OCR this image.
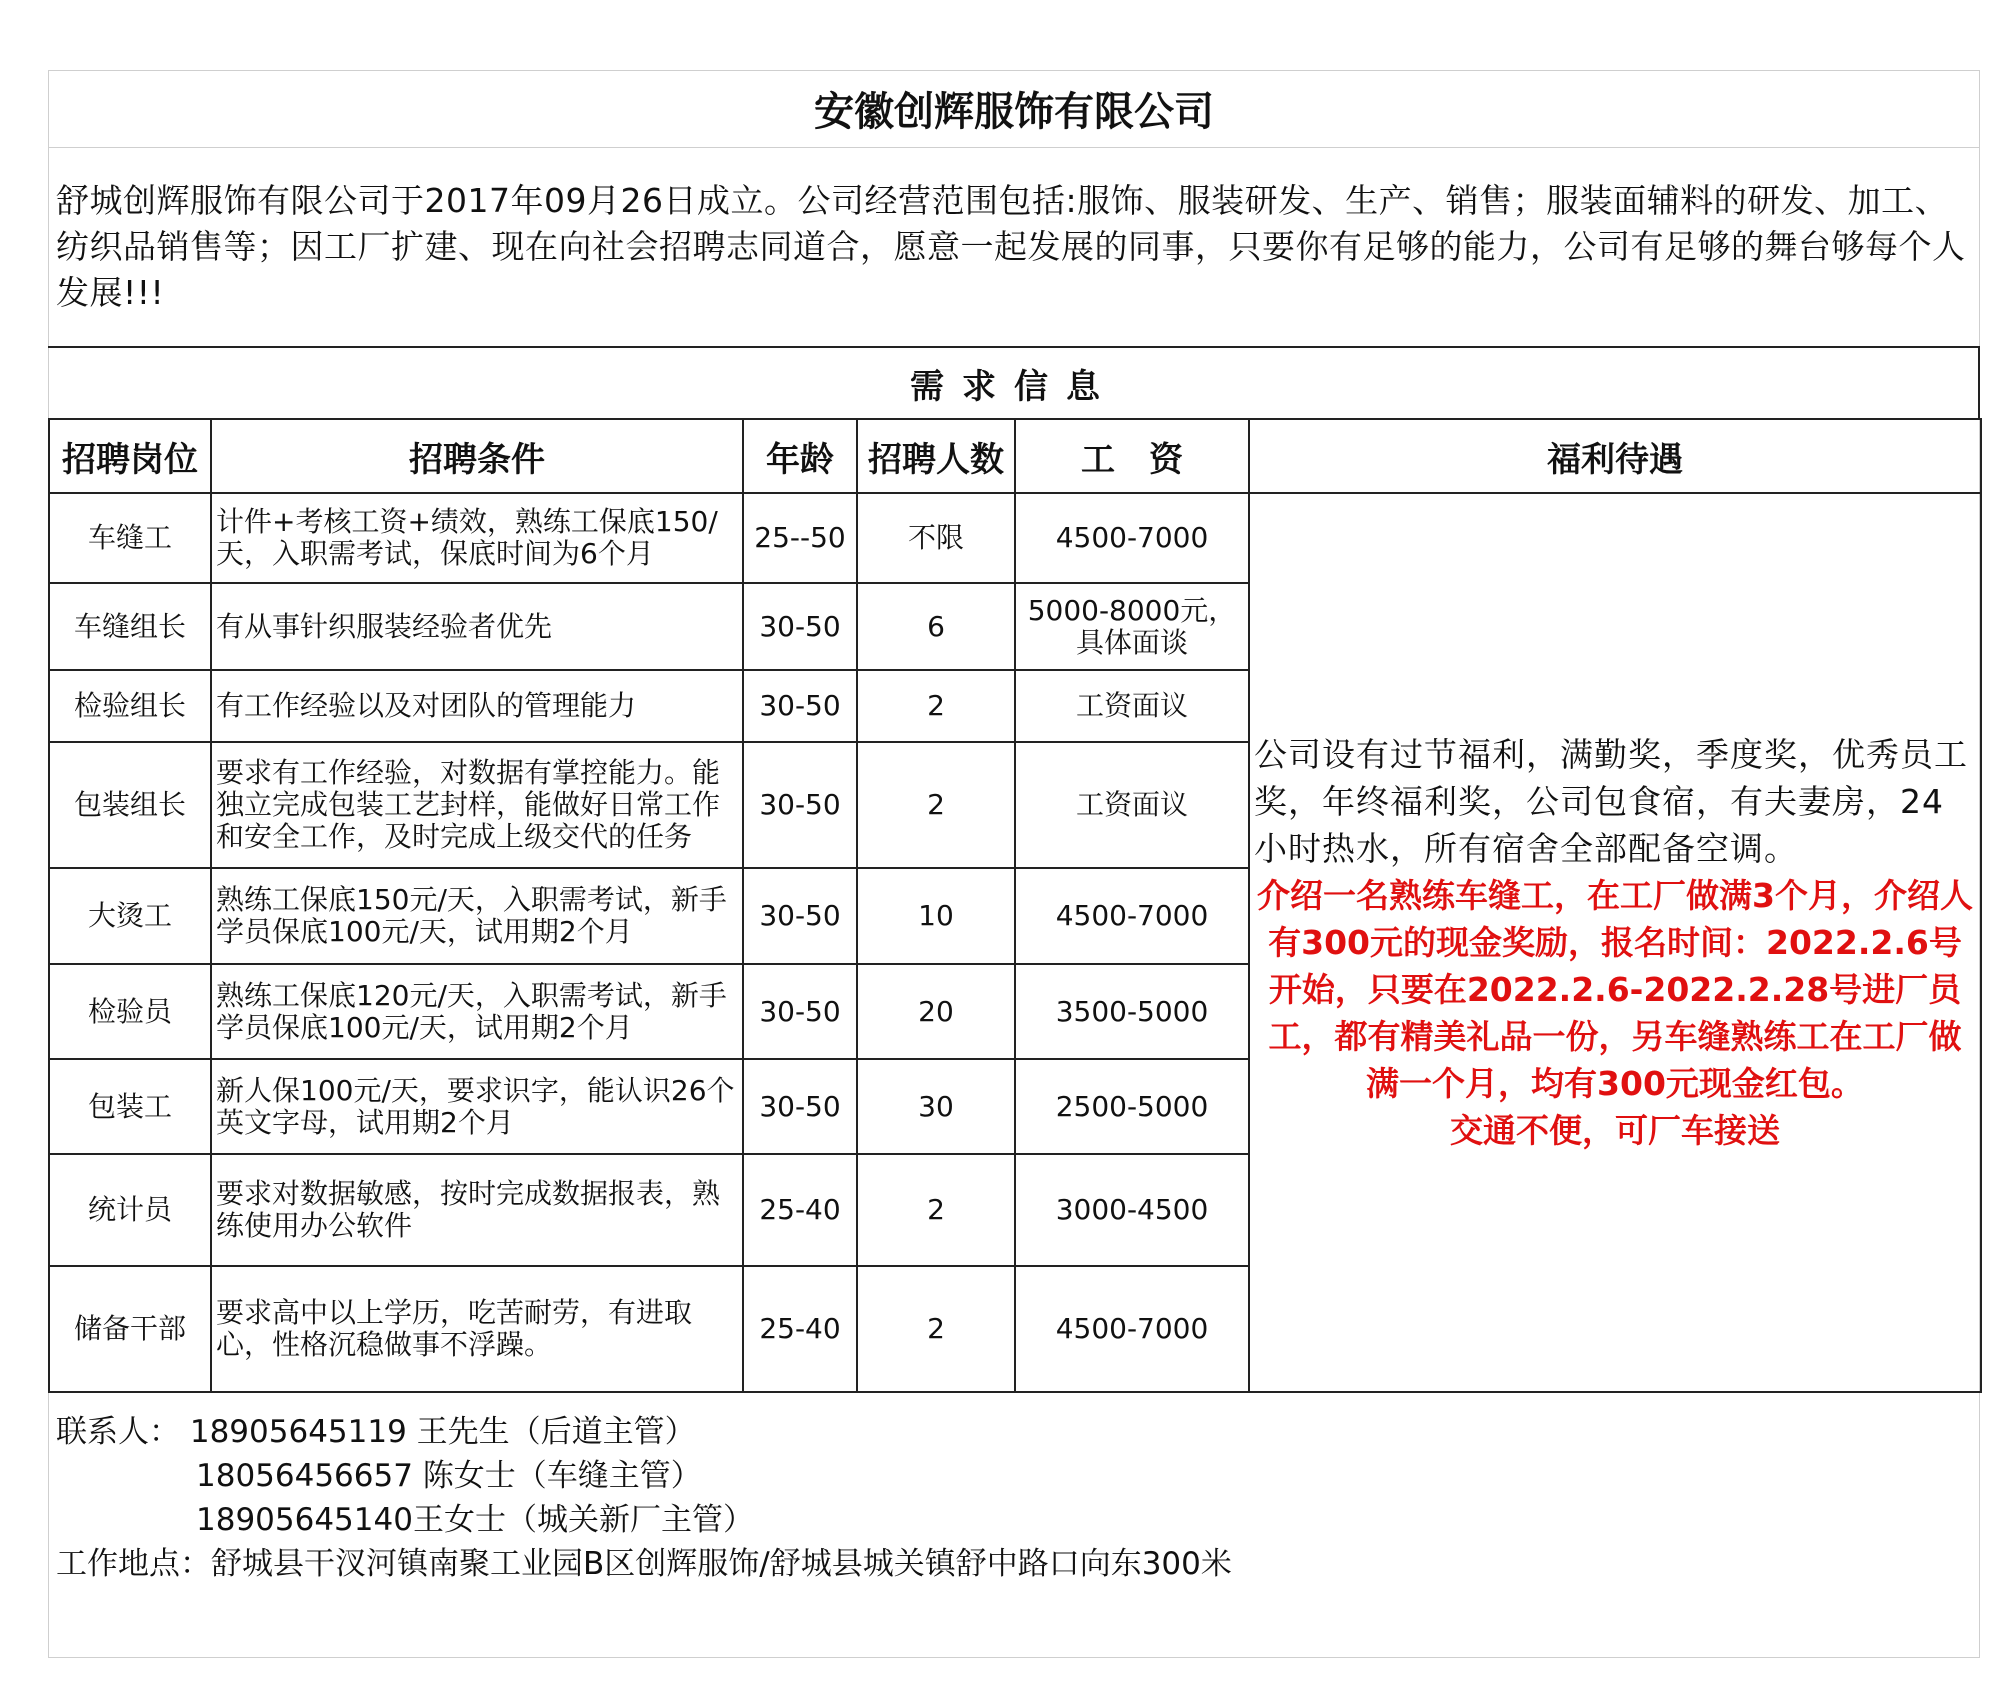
安徽创辉服饰有限公司
舒城创辉服饰有限公司于2017年09月26日成立。公司经营范围包括:服饰、服装研发、生产、销售；服装面辅料的研发、加工、纺织品销售等；因工厂扩建、现在向社会招聘志同道合，愿意一起发展的同事，只要你有足够的能力，公司有足够的舞台够每个人发展!!!
需求信息
招聘岗位	招聘条件	年龄	招聘人数	工　资	福利待遇
车缝工	计件+考核工资+绩效，熟练工保底150/天，入职需考试，保底时间为6个月	25--50	不限	4500-7000	公司设有过节福利，满勤奖，季度奖，优秀员工奖，年终福利奖，公司包食宿，有夫妻房，24小时热水，所有宿舍全部配备空调。
介绍一名熟练车缝工，在工厂做满3个月，介绍人有300元的现金奖励，报名时间：2022.2.6号开始，只要在2022.2.6-2022.2.28号进厂员工，都有精美礼品一份，另车缝熟练工在工厂做满一个月，均有300元现金红包。
交通不便，可厂车接送

车缝组长	有从事针织服装经验者优先	30-50	6	5000-8000元，具体面谈	
检验组长	有工作经验以及对团队的管理能力	30-50	2	工资面议	
包装组长	要求有工作经验，对数据有掌控能力。能独立完成包装工艺封样，能做好日常工作和安全工作，及时完成上级交代的任务	30-50	2	工资面议	
大烫工	熟练工保底150元/天，入职需考试，新手学员保底100元/天，试用期2个月	30-50	10	4500-7000	
检验员	熟练工保底120元/天，入职需考试，新手学员保底100元/天，试用期2个月	30-50	20	3500-5000	
包装工	新人保100元/天，要求识字，能认识26个英文字母，试用期2个月	30-50	30	2500-5000	
统计员	要求对数据敏感，按时完成数据报表，熟练使用办公软件	25-40	2	3000-4500	
储备干部	要求高中以上学历，吃苦耐劳，有进取心，性格沉稳做事不浮躁。	25-40	2	4500-7000	
联系人： 18905645119 王先生（后道主管）
18056456657 陈女士（车缝主管）
18905645140王女士（城关新厂主管）
工作地点：舒城县干汊河镇南聚工业园B区创辉服饰/舒城县城关镇舒中路口向东300米
